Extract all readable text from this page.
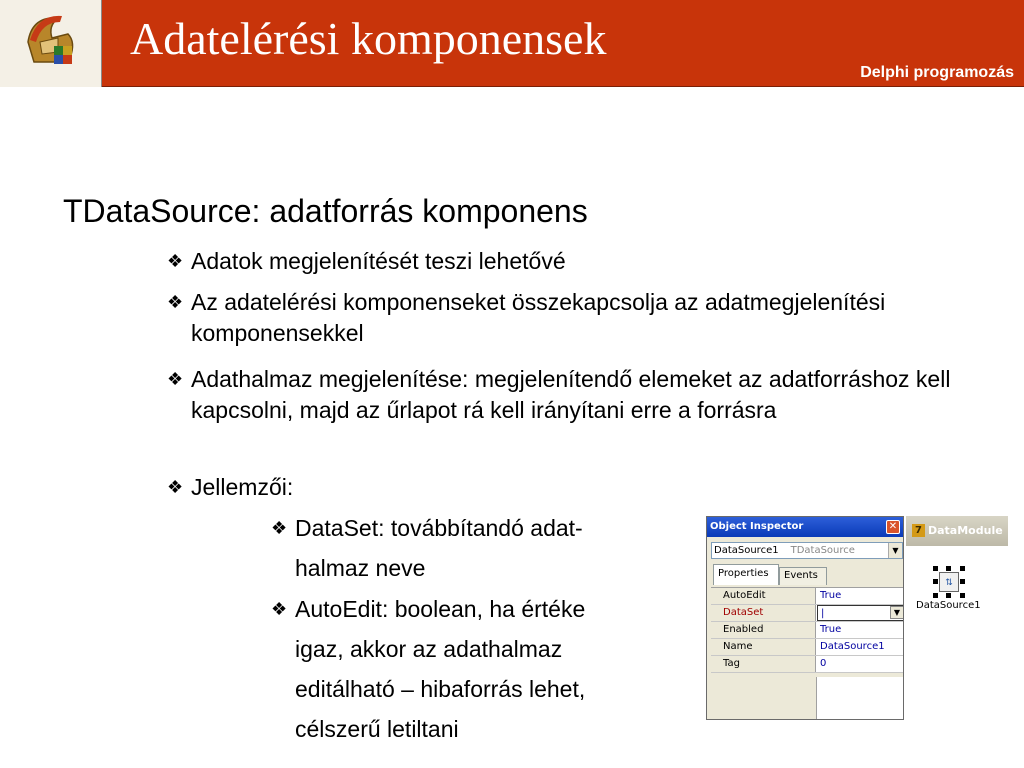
Adatelérési komponensek
Delphi programozás
TDataSource: adatforrás komponens
❖ Adatok megjelenítését teszi lehetővé
❖ Az adatelérési komponenseket összekapcsolja az adatmegjelenítési komponensekkel
❖ Adathalmaz megjelenítése: megjelenítendő elemeket az adatforráshoz kell kapcsolni, majd az űrlapot rá kell irányítani erre a forrásra
❖ Jellemzői:
❖ DataSet: továbbítandó adat-
halmaz neve
❖ AutoEdit: boolean, ha értéke
igaz, akkor az adathalmaz
editálható – hibaforrás lehet,
célszerű letiltani
Object Inspector	✕
DataSource1 TDataSource	▼
Properties	Events
AutoEdit	True
DataSet	|	▼
Enabled	True
Name	DataSource1
Tag	0
7 DataModule
⇅
DataSource1
